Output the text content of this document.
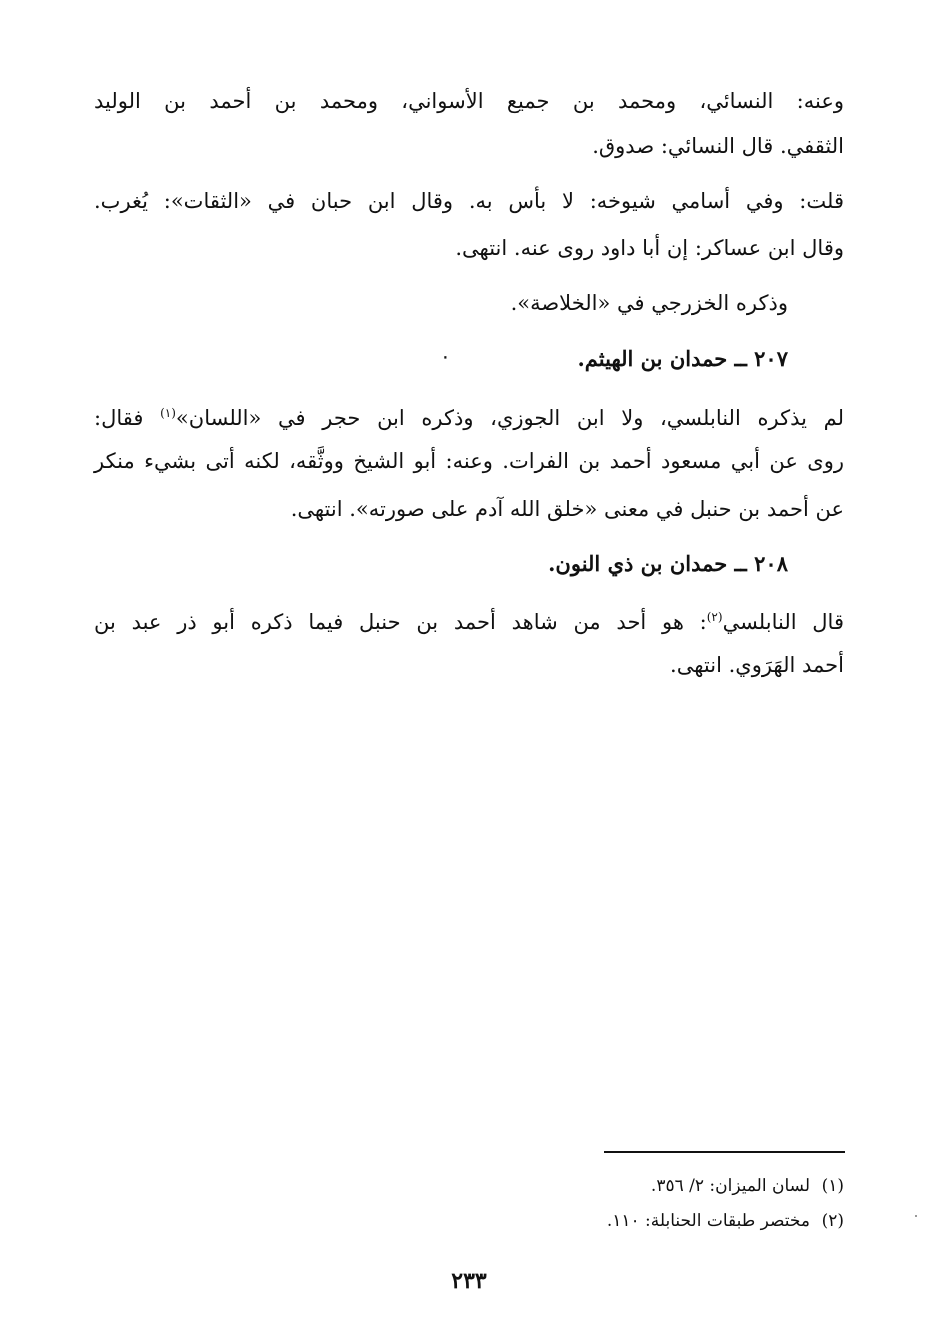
وعنه: النسائي، ومحمد بن جميع الأسواني، ومحمد بن أحمد بن الوليد
الثقفي. قال النسائي: صدوق.
قلت: وفي أسامي شيوخه: لا بأس به. وقال ابن حبان في «الثقات»: يُغرب.
وقال ابن عساكر: إن أبا داود روى عنه. انتهى.
وذكره الخزرجي في «الخلاصة».
٢٠٧ ــ حمدان بن الهيثم.
٠
لم يذكره النابلسي، ولا ابن الجوزي، وذكره ابن حجر في «اللسان»$^{(١)}$ فقال:
روى عن أبي مسعود أحمد بن الفرات. وعنه: أبو الشيخ ووثَّقه، لكنه أتى بشيء منكر
عن أحمد بن حنبل في معنى «خلق الله آدم على صورته». انتهى.
٢٠٨ ــ حمدان بن ذي النون.
قال النابلسي$^{(٢)}$: هو أحد من شاهد أحمد بن حنبل فيما ذكره أبو ذر عبد بن
أحمد الهَرَوي. انتهى.
(١)لسان الميزان: ٢/ ٣٥٦.
(٢)مختصر طبقات الحنابلة: ١١٠.
٢٣٣
